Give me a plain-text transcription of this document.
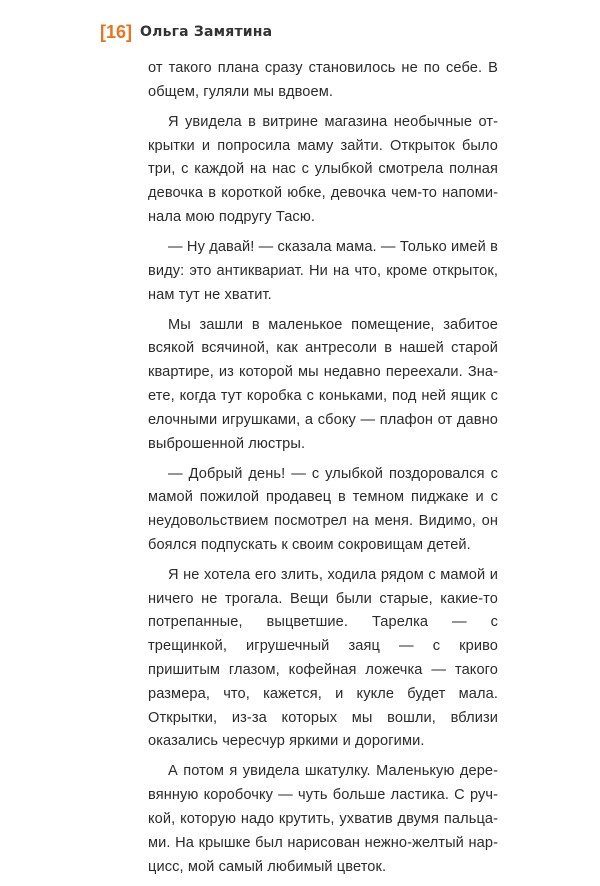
[16] Ольга Замятина

от такого плана сразу становилось не по себе. В общем, гуляли мы вдвоем.

Я увидела в витрине магазина необычные открытки и попросила маму зайти. Открыток было три, с каждой на нас с улыбкой смотрела полная девочка в короткой юбке, девочка чем-то напоминала мою подругу Тасю.

— Ну давай! — сказала мама. — Только имей в виду: это антиквариат. Ни на что, кроме открыток, нам тут не хватит.

Мы зашли в маленькое помещение, забитое всякой всячиной, как антресоли в нашей старой квартире, из которой мы недавно переехали. Знаете, когда тут коробка с коньками, под ней ящик с елочными игрушками, а сбоку — плафон от давно выброшенной люстры.

— Добрый день! — с улыбкой поздоровался с мамой пожилой продавец в темном пиджаке и с неудовольствием посмотрел на меня. Видимо, он боялся подпускать к своим сокровищам детей.

Я не хотела его злить, ходила рядом с мамой и ничего не трогала. Вещи были старые, какие-то потрепанные, выцветшие. Тарелка — с трещинкой, игрушечный заяц — с криво пришитым глазом, кофейная ложечка — такого размера, что, кажется, и кукле будет мала. Открытки, из-за которых мы вошли, вблизи оказались чересчур яркими и дорогими.

А потом я увидела шкатулку. Маленькую деревянную коробочку — чуть больше ластика. С ручкой, которую надо крутить, ухватив двумя пальцами. На крышке был нарисован нежно-желтый нарцисс, мой самый любимый цветок.
